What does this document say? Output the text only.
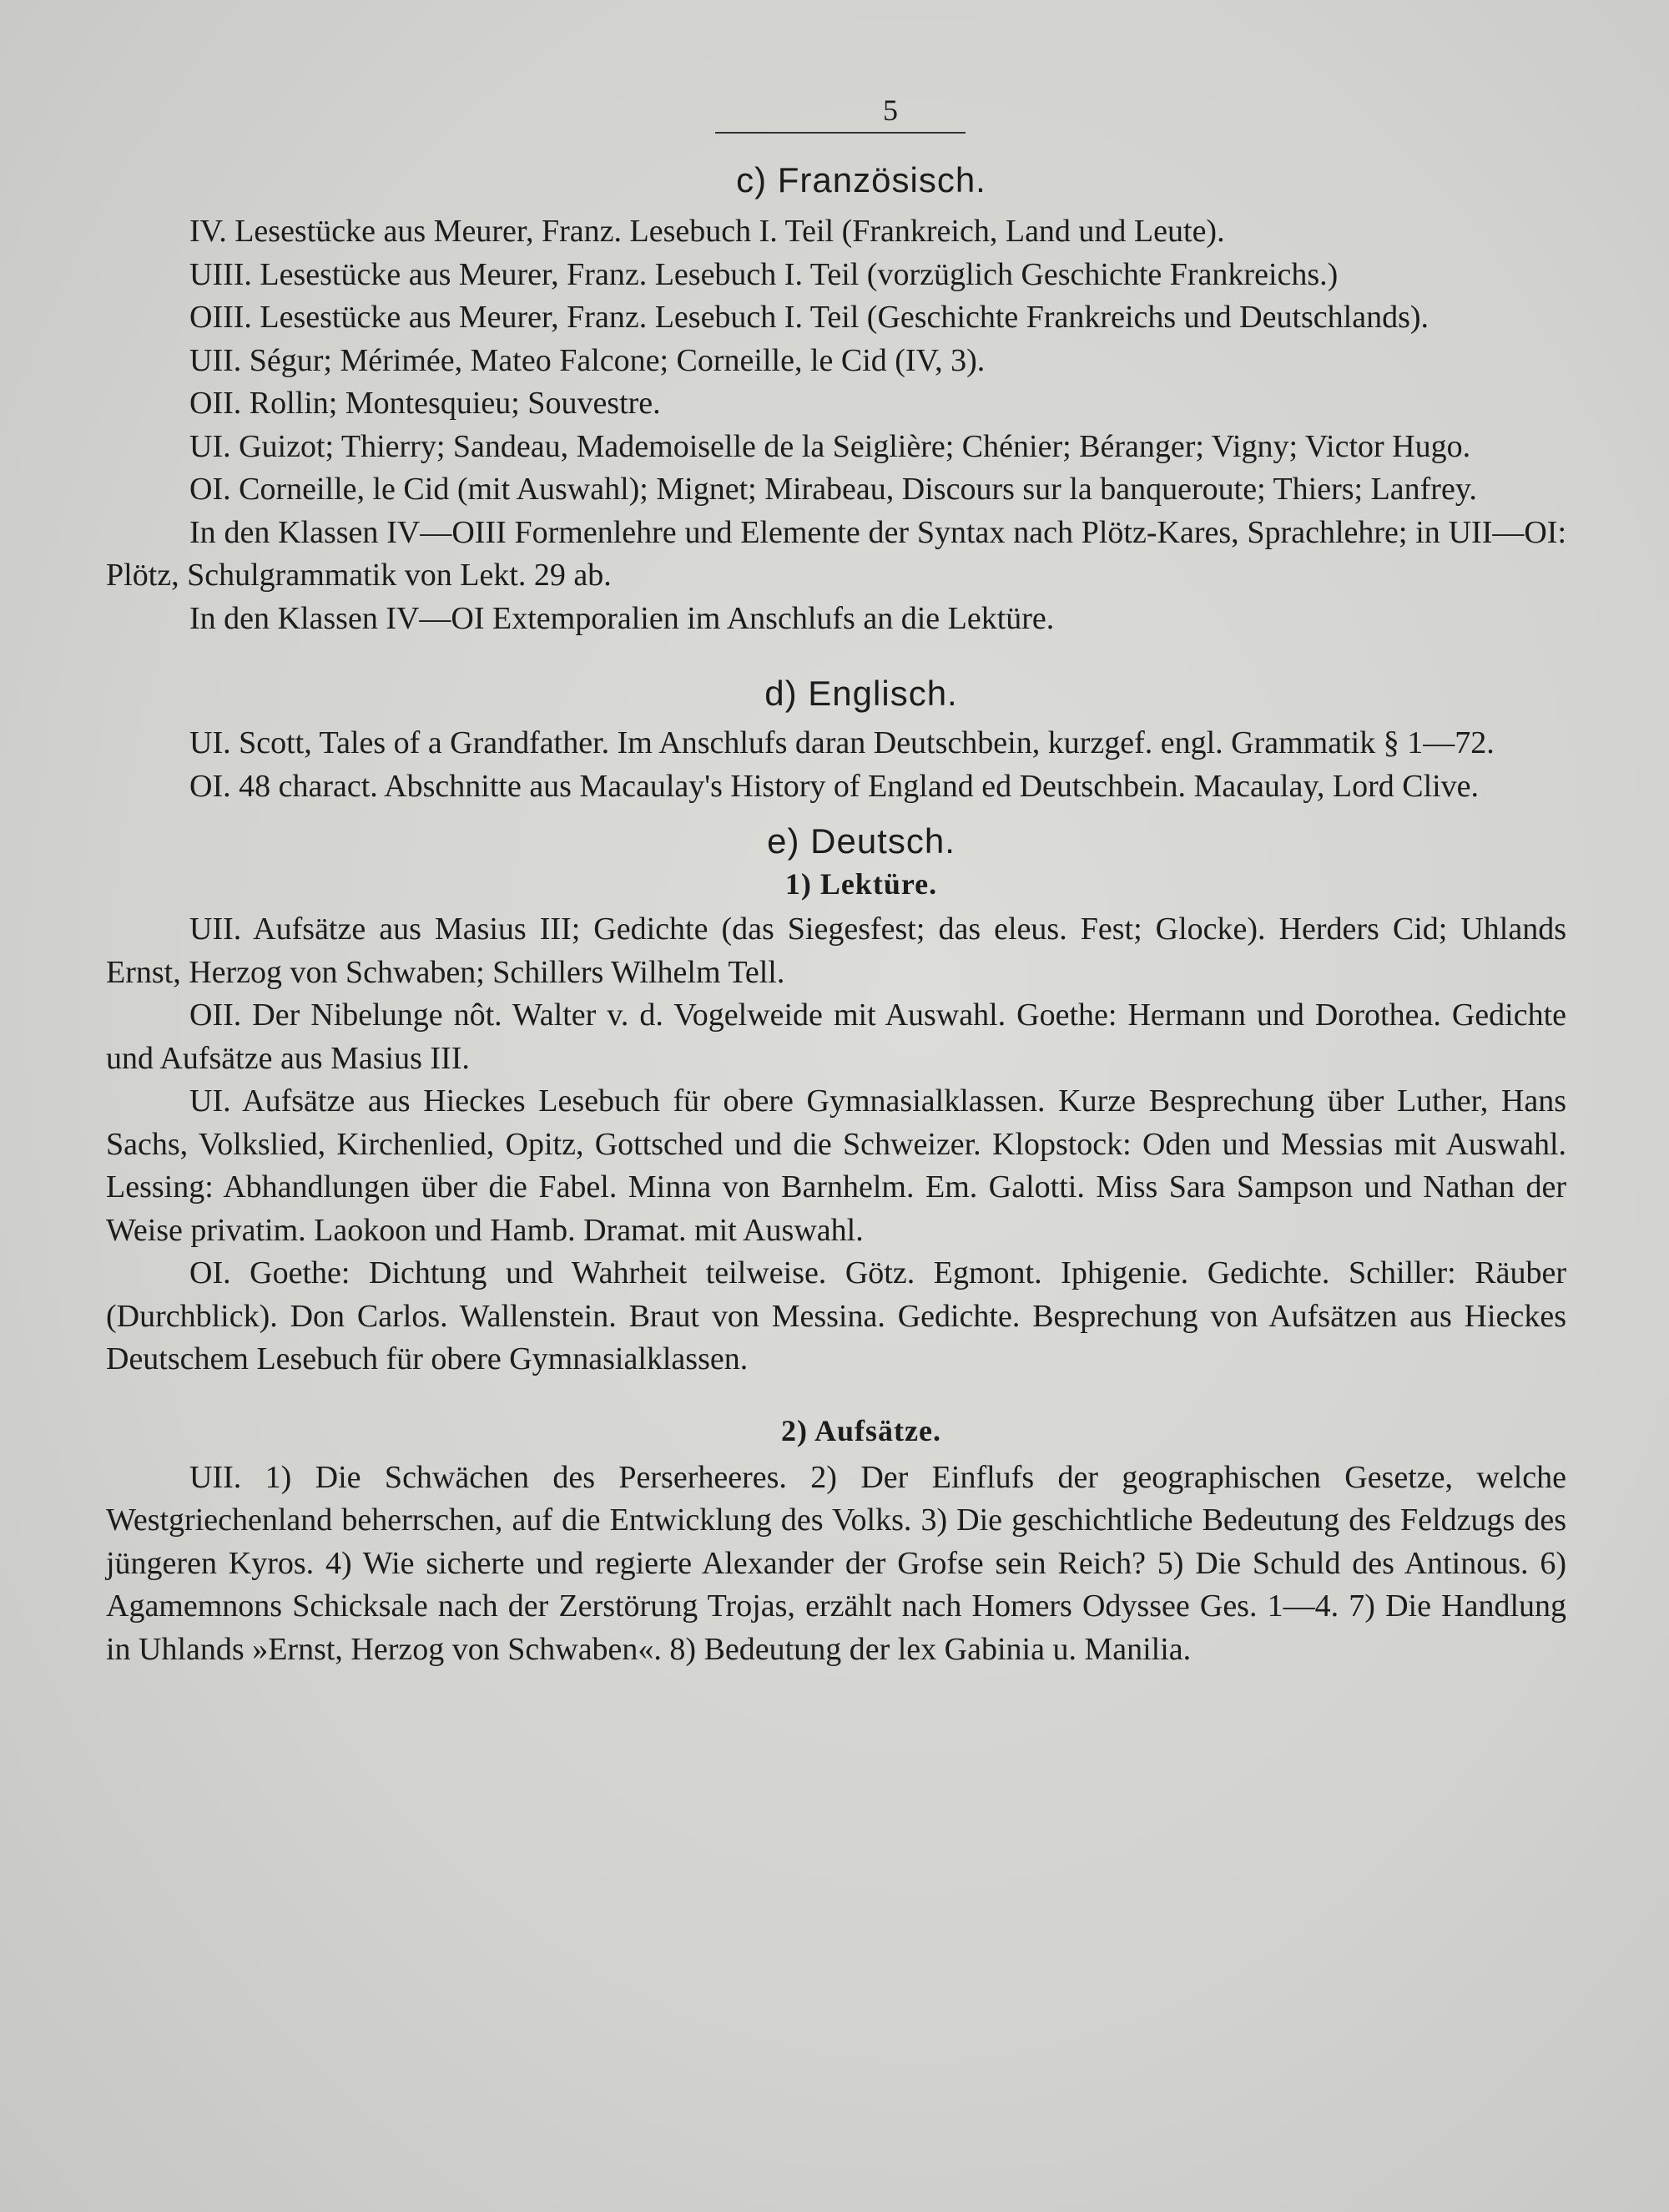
5
c) Französisch.

IV. Lesestücke aus Meurer, Franz. Lesebuch I. Teil (Frankreich, Land und Leute).

UIII. Lesestücke aus Meurer, Franz. Lesebuch I. Teil (vorzüglich Geschichte Frankreichs.)

OIII. Lesestücke aus Meurer, Franz. Lesebuch I. Teil (Geschichte Frankreichs und Deutschlands).

UII. Ségur; Mérimée, Mateo Falcone; Corneille, le Cid (IV, 3).

OII. Rollin; Montesquieu; Souvestre.

UI. Guizot; Thierry; Sandeau, Mademoiselle de la Seiglière; Chénier; Béranger; Vigny; Victor Hugo.

OI. Corneille, le Cid (mit Auswahl); Mignet; Mirabeau, Discours sur la banqueroute; Thiers; Lanfrey.

In den Klassen IV—OIII Formenlehre und Elemente der Syntax nach Plötz-Kares, Sprachlehre; in UII—OI: Plötz, Schulgrammatik von Lekt. 29 ab.

In den Klassen IV—OI Extemporalien im Anschlufs an die Lektüre.

d) Englisch.

UI. Scott, Tales of a Grandfather. Im Anschlufs daran Deutschbein, kurzgef. engl. Grammatik § 1—72.

OI. 48 charact. Abschnitte aus Macaulay's History of England ed Deutschbein. Macaulay, Lord Clive.

e) Deutsch.
1) Lektüre.

UII. Aufsätze aus Masius III; Gedichte (das Siegesfest; das eleus. Fest; Glocke). Herders Cid; Uhlands Ernst, Herzog von Schwaben; Schillers Wilhelm Tell.

OII. Der Nibelunge nôt. Walter v. d. Vogelweide mit Auswahl. Goethe: Hermann und Dorothea. Gedichte und Aufsätze aus Masius III.

UI. Aufsätze aus Hieckes Lesebuch für obere Gymnasialklassen. Kurze Besprechung über Luther, Hans Sachs, Volkslied, Kirchenlied, Opitz, Gottsched und die Schweizer. Klopstock: Oden und Messias mit Auswahl. Lessing: Abhandlungen über die Fabel. Minna von Barnhelm. Em. Galotti. Miss Sara Sampson und Nathan der Weise privatim. Laokoon und Hamb. Dramat. mit Auswahl.

OI. Goethe: Dichtung und Wahrheit teilweise. Götz. Egmont. Iphigenie. Gedichte. Schiller: Räuber (Durchblick). Don Carlos. Wallenstein. Braut von Messina. Gedichte. Besprechung von Aufsätzen aus Hieckes Deutschem Lesebuch für obere Gymnasialklassen.

2) Aufsätze.

UII. 1) Die Schwächen des Perserheeres. 2) Der Einflufs der geographischen Gesetze, welche Westgriechenland beherrschen, auf die Entwicklung des Volks. 3) Die geschichtliche Bedeutung des Feldzugs des jüngeren Kyros. 4) Wie sicherte und regierte Alexander der Grofse sein Reich? 5) Die Schuld des Antinous. 6) Agamemnons Schicksale nach der Zerstörung Trojas, erzählt nach Homers Odyssee Ges. 1—4. 7) Die Handlung in Uhlands »Ernst, Herzog von Schwaben«. 8) Bedeutung der lex Gabinia u. Manilia.
